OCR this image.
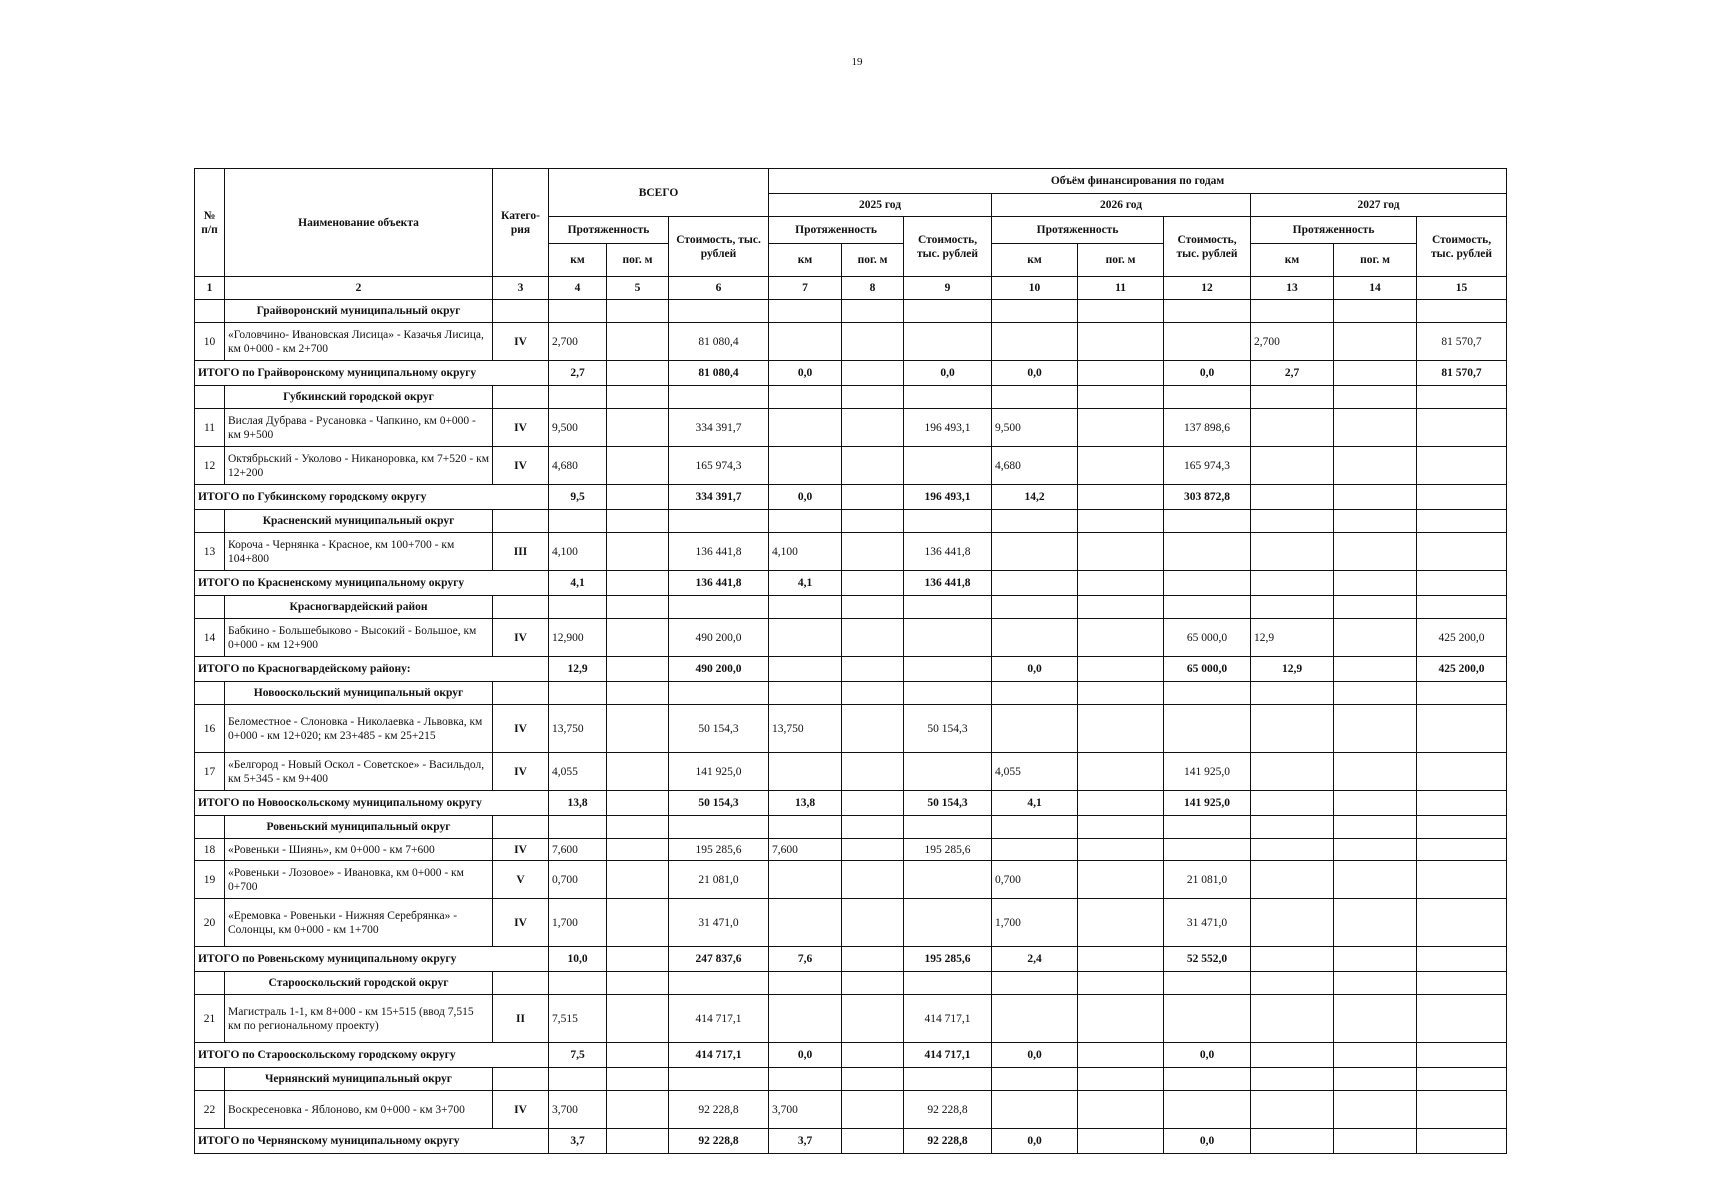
19
№ п/п	Наименование объекта	Катего-рия	ВСЕГО			Объём финансирования по годам								
						2025 год			2026 год			2027 год		
			Протяженность		Стоимость, тыс. рублей	Протяженность		Стоимость, тыс. рублей	Протяженность		Стоимость, тыс. рублей	Протяженность		Стоимость, тыс. рублей
			км	пог. м		км	пог. м		км	пог. м		км	пог. м	
1	2	3	4	5	6	7	8	9	10	11	12	13	14	15
	Грайворонский муниципальный округ													
10	«Головчино- Ивановская Лисица» - Казачья Лисица, км 0+000 - км 2+700	IV	2,700		81 080,4							2,700		81 570,7
ИТОГО по Грайворонскому муниципальному округу			2,7		81 080,4	0,0		0,0	0,0		0,0	2,7		81 570,7
	Губкинский городской округ													
11	Вислая Дубрава - Русановка - Чапкино, км 0+000 - км 9+500	IV	9,500		334 391,7			196 493,1	9,500		137 898,6			
12	Октябрьский - Уколово - Никаноровка, км 7+520 - км 12+200	IV	4,680		165 974,3				4,680		165 974,3			
ИТОГО по Губкинскому городскому округу			9,5		334 391,7	0,0		196 493,1	14,2		303 872,8			
	Красненский муниципальный округ													
13	Короча - Чернянка - Красное, км 100+700 - км 104+800	III	4,100		136 441,8	4,100		136 441,8						
ИТОГО по Красненскому муниципальному округу			4,1		136 441,8	4,1		136 441,8						
	Красногвардейский район													
14	Бабкино - Большебыково - Высокий - Большое, км 0+000 - км 12+900	IV	12,900		490 200,0						65 000,0	12,9		425 200,0
ИТОГО по Красногвардейскому району:			12,9		490 200,0				0,0		65 000,0	12,9		425 200,0
	Новооскольский муниципальный округ													
16	Беломестное - Слоновка - Николаевка - Львовка, км 0+000 - км 12+020; км 23+485 - км 25+215	IV	13,750		50 154,3	13,750		50 154,3						
17	«Белгород - Новый Оскол - Советское» - Васильдол, км 5+345 - км 9+400	IV	4,055		141 925,0				4,055		141 925,0			
ИТОГО по Новооскольскому муниципальному округу			13,8		50 154,3	13,8		50 154,3	4,1		141 925,0			
	Ровеньский муниципальный округ													
18	«Ровеньки - Шиянь», км 0+000 - км 7+600	IV	7,600		195 285,6	7,600		195 285,6						
19	«Ровеньки - Лозовое» - Ивановка, км 0+000 - км 0+700	V	0,700		21 081,0				0,700		21 081,0			
20	«Еремовка - Ровеньки - Нижняя Серебрянка» - Солонцы, км 0+000 - км 1+700	IV	1,700		31 471,0				1,700		31 471,0			
ИТОГО по Ровеньскому муниципальному округу			10,0		247 837,6	7,6		195 285,6	2,4		52 552,0			
	Старооскольский городской округ													
21	Магистраль 1-1, км 8+000 - км 15+515 (ввод 7,515 км по региональному проекту)	II	7,515		414 717,1			414 717,1						
ИТОГО по Старооскольскому городскому округу			7,5		414 717,1	0,0		414 717,1	0,0		0,0			
	Чернянский муниципальный округ													
22	Воскресеновка - Яблоново, км 0+000 - км 3+700	IV	3,700		92 228,8	3,700		92 228,8						
ИТОГО по Чернянскому муниципальному округу			3,7		92 228,8	3,7		92 228,8	0,0		0,0			
